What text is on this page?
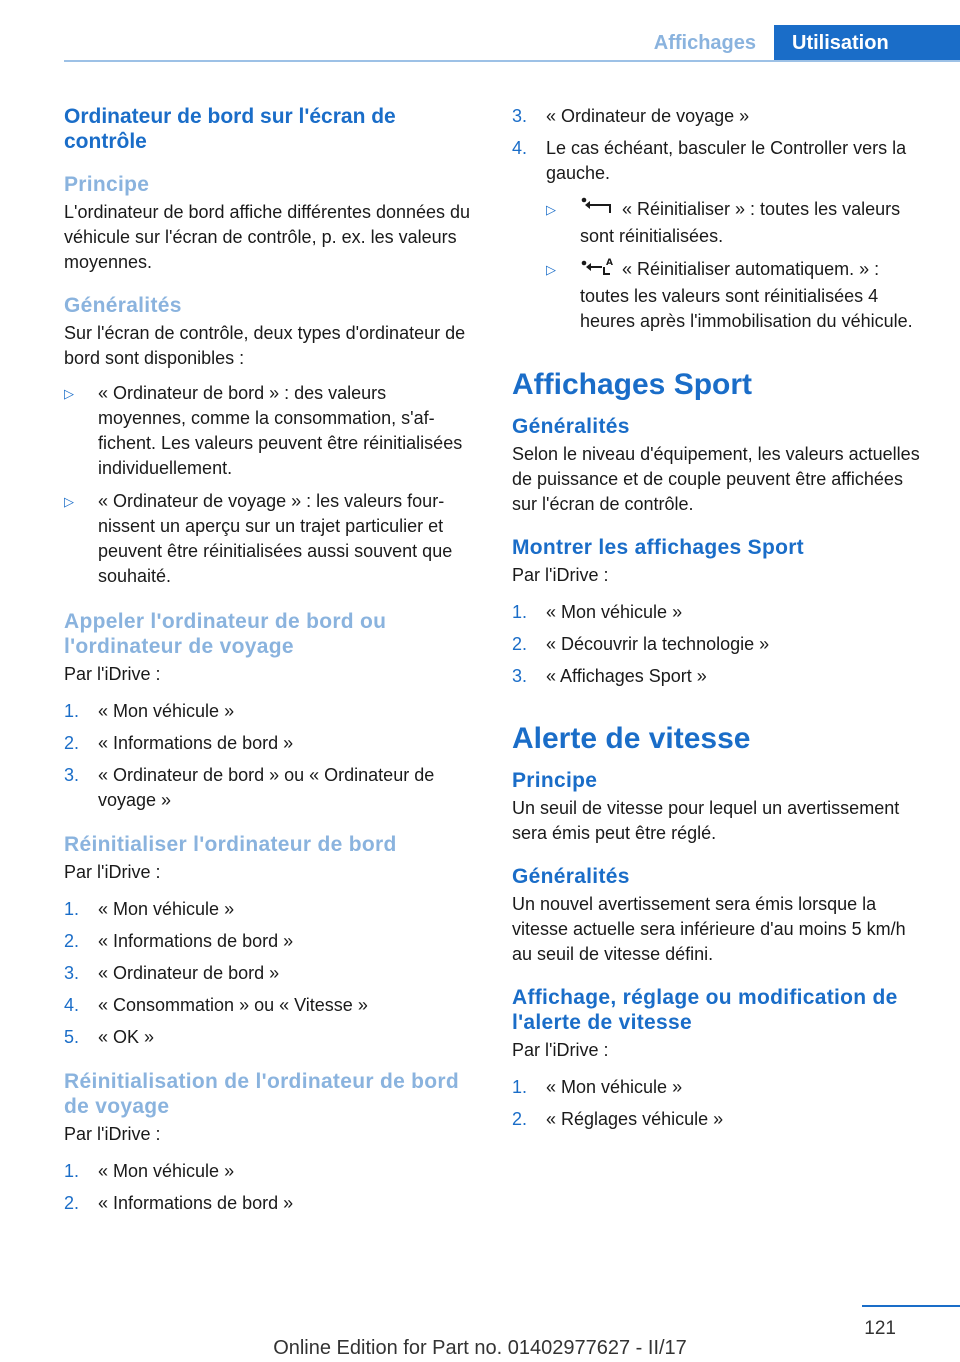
Affichages	Utilisation
Ordinateur de bord sur l'écran de contrôle
Principe

L'ordinateur de bord affiche différentes données du véhicule sur l'écran de contrôle, p. ex. les valeurs moyennes.

Généralités

Sur l'écran de contrôle, deux types d'ordinateur de bord sont disponibles :

▷ « Ordinateur de bord » : des valeurs moyennes, comme la consommation, s'affichent. Les valeurs peuvent être réinitialisées individuellement.
▷ « Ordinateur de voyage » : les valeurs fournissent un aperçu sur un trajet particulier et peuvent être réinitialisées aussi souvent que souhaité.
Appeler l'ordinateur de bord ou l'ordinateur de voyage

Par l'iDrive :

1. « Mon véhicule »
2. « Informations de bord »
3. « Ordinateur de bord » ou « Ordinateur de voyage »
Réinitialiser l'ordinateur de bord

Par l'iDrive :

1. « Mon véhicule »
2. « Informations de bord »
3. « Ordinateur de bord »
4. « Consommation » ou « Vitesse »
5. « OK »
Réinitialisation de l'ordinateur de bord de voyage

Par l'iDrive :

1. « Mon véhicule »
2. « Informations de bord »
3. « Ordinateur de voyage »
4. Le cas échéant, basculer le Controller vers la gauche.
▷	« Réinitialiser » : toutes les valeurs sont réinitialisées.
▷	A « Réinitialiser automatiquem. » : toutes les valeurs sont réinitialisées 4 heures après l'immobilisation du véhicule.
Affichages Sport
Généralités

Selon le niveau d'équipement, les valeurs actuelles de puissance et de couple peuvent être affichées sur l'écran de contrôle.

Montrer les affichages Sport

Par l'iDrive :

1. « Mon véhicule »
2. « Découvrir la technologie »
3. « Affichages Sport »
Alerte de vitesse
Principe

Un seuil de vitesse pour lequel un avertissement sera émis peut être réglé.

Généralités

Un nouvel avertissement sera émis lorsque la vitesse actuelle sera inférieure d'au moins 5 km/h au seuil de vitesse défini.

Affichage, réglage ou modification de l'alerte de vitesse

Par l'iDrive :

1. « Mon véhicule »
2. « Réglages véhicule »
121
Online Edition for Part no. 01402977627 - II/17
